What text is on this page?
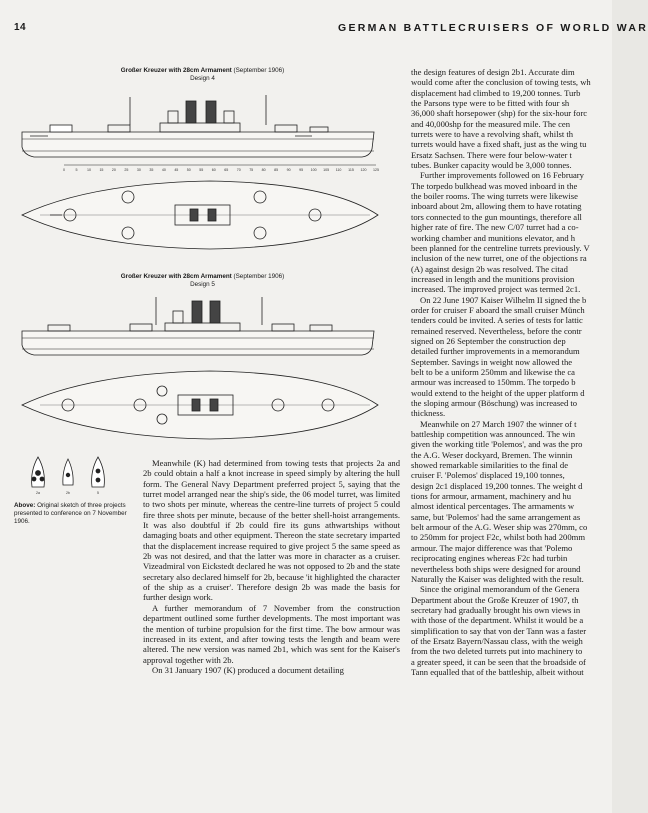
14	GERMAN BATTLECRUISERS OF WORLD WAR
Großer Kreuzer with 28cm Armament (September 1906)
Design 4
0	5	10 15 20 25 30 35 40 45 50 55 60 65 70 75 80 85 90 95 100 105 110 115 120 125
Großer Kreuzer with 28cm Armament (September 1906)
Design 5
2a	2b	5
Above: Original sketch of three projects presented to conference on 7 November 1906.

Meanwhile (K) had determined from towing tests that projects 2a and 2b could obtain a half a knot increase in speed simply by altering the hull form. The General Navy Department preferred project 5, saying that the turret model arranged near the ship's side, the 06 model turret, was limited to two shots per minute, whereas the centre-line turrets of project 5 could fire three shots per minute, because of the better shell-hoist arrangements. It was also doubtful if 2b could fire its guns athwartships without damaging boats and other equipment. Thereon the state secretary imparted that the displacement increase required to give project 5 the same speed as 2b was not desired, and that the latter was more in character as a cruiser. Vizeadmiral von Eickstedt declared he was not opposed to 2b and the state secretary also declared himself for 2b, because 'it highlighted the character of the ship as a cruiser'. Therefore design 2b was made the basis for further design work.

A further memorandum of 7 November from the construction department outlined some further developments. The most important was the mention of turbine propulsion for the first time. The bow armour was increased in its extent, and after towing tests the length and beam were altered. The new version was named 2b1, which was sent for the Kaiser's approval together with 2b.

On 31 January 1907 (K) produced a document detailing

the design features of design 2b1. Accurate dim

would come after the conclusion of towing tests, wh

displacement had climbed to 19,200 tonnes. Turb

the Parsons type were to be fitted with four sh

36,000 shaft horsepower (shp) for the six-hour forc

and 40,000shp for the measured mile. The cen

turrets were to have a revolving shaft, whilst th

turrets would have a fixed shaft, just as the wing tu

Ersatz Sachsen. There were four below-water t

tubes. Bunker capacity would be 3,000 tonnes.

Further improvements followed on 16 February

The torpedo bulkhead was moved inboard in the

the boiler rooms. The wing turrets were likewise

inboard about 2m, allowing them to have rotating

tors connected to the gun mountings, therefore all

higher rate of fire. The new C/07 turret had a co-

working chamber and munitions elevator, and h

been planned for the centreline turrets previously. V

inclusion of the new turret, one of the objections ra

(A) against design 2b was resolved. The citad

increased in length and the munitions provision

increased. The improved project was termed 2c1.

On 22 June 1907 Kaiser Wilhelm II signed the b

order for cruiser F aboard the small cruiser Münch

tenders could be invited. A series of tests for lattic

remained reserved. Nevertheless, before the contr

signed on 26 September the construction dep

detailed further improvements in a memorandum

September. Savings in weight now allowed the

belt to be a uniform 250mm and likewise the ca

armour was increased to 150mm. The torpedo b

would extend to the height of the upper platform d

the sloping armour (Böschung) was increased to

thickness.

Meanwhile on 27 March 1907 the winner of t

battleship competition was announced. The win

given the working title 'Polemos', and was the pro

the A.G. Weser dockyard, Bremen. The winnin

showed remarkable similarities to the final de

cruiser F. 'Polemos' displaced 19,100 tonnes,

design 2c1 displaced 19,200 tonnes. The weight d

tions for armour, armament, machinery and hu

almost identical percentages. The armaments w

same, but 'Polemos' had the same arrangement as

belt armour of the A.G. Weser ship was 270mm, co

to 250mm for project F2c, whilst both had 200mm

armour. The major difference was that 'Polemo

reciprocating engines whereas F2c had turbin

nevertheless both ships were designed for around

Naturally the Kaiser was delighted with the result.

Since the original memorandum of the Genera

Department about the Große Kreuzer of 1907, th

secretary had gradually brought his own views in

with those of the department. Whilst it would be a

simplification to say that von der Tann was a faster

of the Ersatz Bayern/Nassau class, with the weigh

from the two deleted turrets put into machinery to

a greater speed, it can be seen that the broadside of

Tann equalled that of the battleship, albeit without
